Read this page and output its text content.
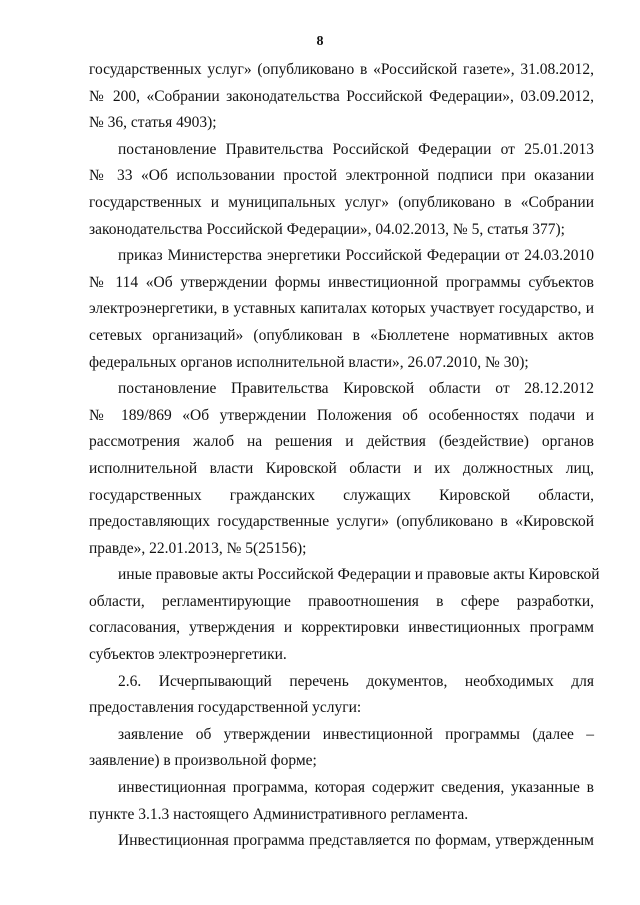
8
государственных услуг» (опубликовано в «Российской газете», 31.08.2012,
№ 200, «Собрании законодательства Российской Федерации», 03.09.2012,
№ 36, статья 4903);
постановление Правительства Российской Федерации от 25.01.2013
№ 33 «Об использовании простой электронной подписи при оказании
государственных и муниципальных услуг» (опубликовано в «Собрании
законодательства Российской Федерации», 04.02.2013, № 5, статья 377);
приказ Министерства энергетики Российской Федерации от 24.03.2010
№ 114 «Об утверждении формы инвестиционной программы субъектов
электроэнергетики, в уставных капиталах которых участвует государство, и
сетевых организаций» (опубликован в «Бюллетене нормативных актов
федеральных органов исполнительной власти», 26.07.2010, № 30);
постановление Правительства Кировской области от 28.12.2012
№ 189/869 «Об утверждении Положения об особенностях подачи и
рассмотрения жалоб на решения и действия (бездействие) органов
исполнительной власти Кировской области и их должностных лиц,
государственных гражданских служащих Кировской области,
предоставляющих государственные услуги» (опубликовано в «Кировской
правде», 22.01.2013, № 5(25156);
иные правовые акты Российской Федерации и правовые акты Кировской
области, регламентирующие правоотношения в сфере разработки,
согласования, утверждения и корректировки инвестиционных программ
субъектов электроэнергетики.
2.6. Исчерпывающий перечень документов, необходимых для
предоставления государственной услуги:
заявление об утверждении инвестиционной программы (далее –
заявление) в произвольной форме;
инвестиционная программа, которая содержит сведения, указанные в
пункте 3.1.3 настоящего Административного регламента.
Инвестиционная программа представляется по формам, утвержденным
